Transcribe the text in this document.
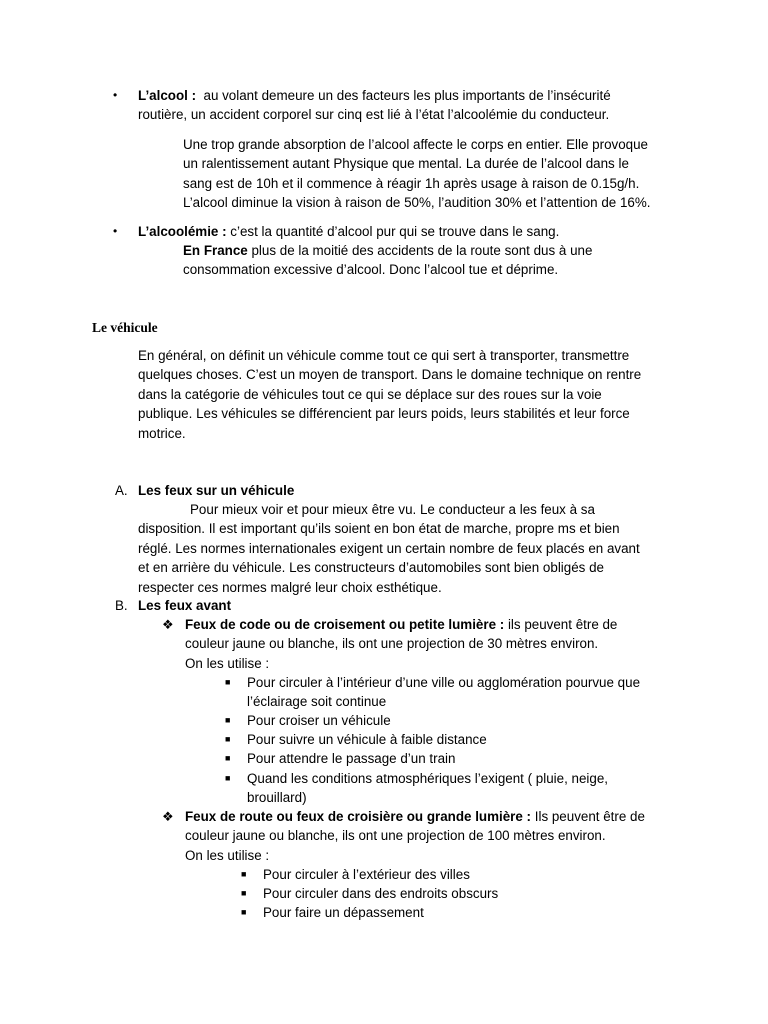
• L’alcool : au volant demeure un des facteurs les plus importants de l’insécurité
routière, un accident corporel sur cinq est lié à l’état l’alcoolémie du conducteur.
Une trop grande absorption de l’alcool affecte le corps en entier. Elle provoque
un ralentissement autant Physique que mental. La durée de l’alcool dans le
sang est de 10h et il commence à réagir 1h après usage à raison de 0.15g/h.
L’alcool diminue la vision à raison de 50%, l’audition 30% et l’attention de 16%.
• L’alcoolémie : c’est la quantité d’alcool pur qui se trouve dans le sang.
En France plus de la moitié des accidents de la route sont dus à une
consommation excessive d’alcool. Donc l’alcool tue et déprime.
Le véhicule
En général, on définit un véhicule comme tout ce qui sert à transporter, transmettre
quelques choses. C’est un moyen de transport. Dans le domaine technique on rentre
dans la catégorie de véhicules tout ce qui se déplace sur des roues sur la voie
publique. Les véhicules se différencient par leurs poids, leurs stabilités et leur force
motrice.
A. Les feux sur un véhicule
Pour mieux voir et pour mieux être vu. Le conducteur a les feux à sa
disposition. Il est important qu’ils soient en bon état de marche, propre ms et bien
réglé. Les normes internationales exigent un certain nombre de feux placés en avant
et en arrière du véhicule. Les constructeurs d’automobiles sont bien obligés de
respecter ces normes malgré leur choix esthétique.
B. Les feux avant
❖ Feux de code ou de croisement ou petite lumière : ils peuvent être de
couleur jaune ou blanche, ils ont une projection de 30 mètres environ.
On les utilise :
■ Pour circuler à l’intérieur d’une ville ou agglomération pourvue que
l’éclairage soit continue
■ Pour croiser un véhicule
■ Pour suivre un véhicule à faible distance
■ Pour attendre le passage d’un train
■ Quand les conditions atmosphériques l’exigent ( pluie, neige,
brouillard)
❖ Feux de route ou feux de croisière ou grande lumière : Ils peuvent être de
couleur jaune ou blanche, ils ont une projection de 100 mètres environ.
On les utilise :
■ Pour circuler à l’extérieur des villes
■ Pour circuler dans des endroits obscurs
■ Pour faire un dépassement
